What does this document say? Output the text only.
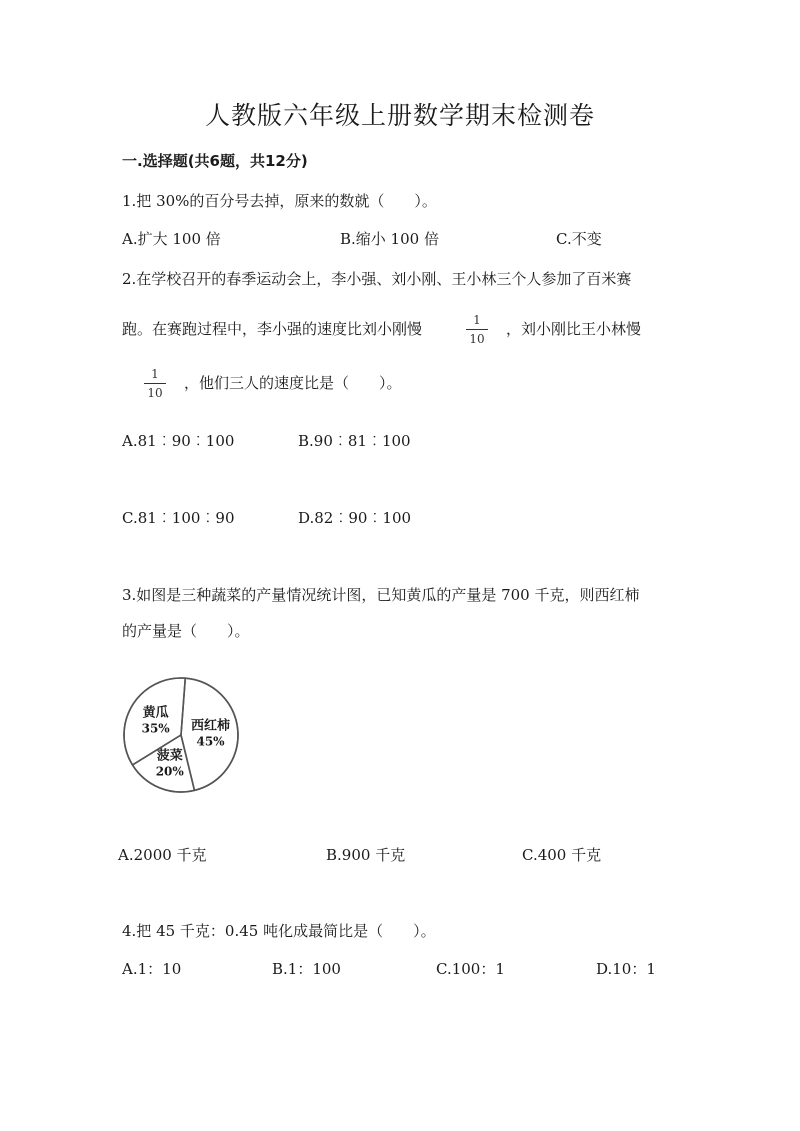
人教版六年级上册数学期末检测卷
一.选择题(共6题，共12分)
1.把 30%的百分号去掉，原来的数就（　　）。
A.扩大 100 倍	B.缩小 100 倍	C.不变
2.在学校召开的春季运动会上，李小强、刘小刚、王小林三个人参加了百米赛
跑。在赛跑过程中，李小强的速度比刘小刚慢	1
10
，刘小刚比王小林慢
1
10
，他们三人的速度比是（　　）。
A.81︰90︰100	B.90︰81︰100
C.81︰100︰90	D.82︰90︰100
3.如图是三种蔬菜的产量情况统计图，已知黄瓜的产量是 700 千克，则西红柿
的产量是（　　）。
西红柿
45%
菠菜
20%
黄瓜
35%
A.2000 千克	B.900 千克	C.400 千克
4.把 45 千克：0.45 吨化成最简比是（　　）。
A.1：10	B.1：100	C.100：1	D.10：1
